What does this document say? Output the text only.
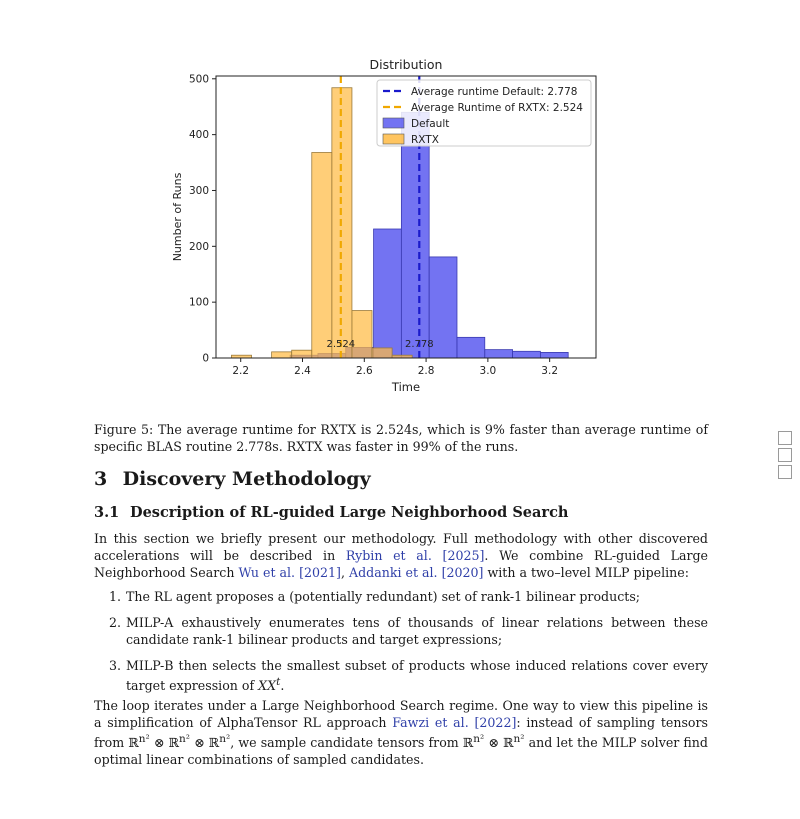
2.778
2.524
2.2	2.4	2.6	2.8	3.0	3.2
0
100
200
300
400
500
Distribution
Time
Number of Runs
Average runtime Default: 2.778
Average Runtime of RXTX: 2.524
Default
RXTX

Figure 5: The average runtime for RXTX is 2.524s, which is 9% faster than average runtime of specific BLAS routine 2.778s. RXTX was faster in 99% of the runs.

3 Discovery Methodology
3.1 Description of RL-guided Large Neighborhood Search

In this section we briefly present our methodology. Full methodology with other discovered accelerations will be described in Rybin et al. [2025]. We combine RL-guided Large Neighborhood Search Wu et al. [2021], Addanki et al. [2020] with a two–level MILP pipeline:

1. The RL agent proposes a (potentially redundant) set of rank-1 bilinear products;
2. MILP-A exhaustively enumerates tens of thousands of linear relations between these candidate rank-1 bilinear products and target expressions;
3. MILP-B then selects the smallest subset of products whose induced relations cover every target expression of $XX^t$.

The loop iterates under a Large Neighborhood Search regime. One way to view this pipeline is a simplification of AlphaTensor RL approach Fawzi et al. [2022]: instead of sampling tensors from ℝ$^{n^2}$ ⊗ ℝ$^{n^2}$ ⊗ ℝ$^{n^2}$, we sample candidate tensors from ℝ$^{n^2}$ ⊗ ℝ$^{n^2}$ and let the MILP solver find optimal linear combinations of sampled candidates.
